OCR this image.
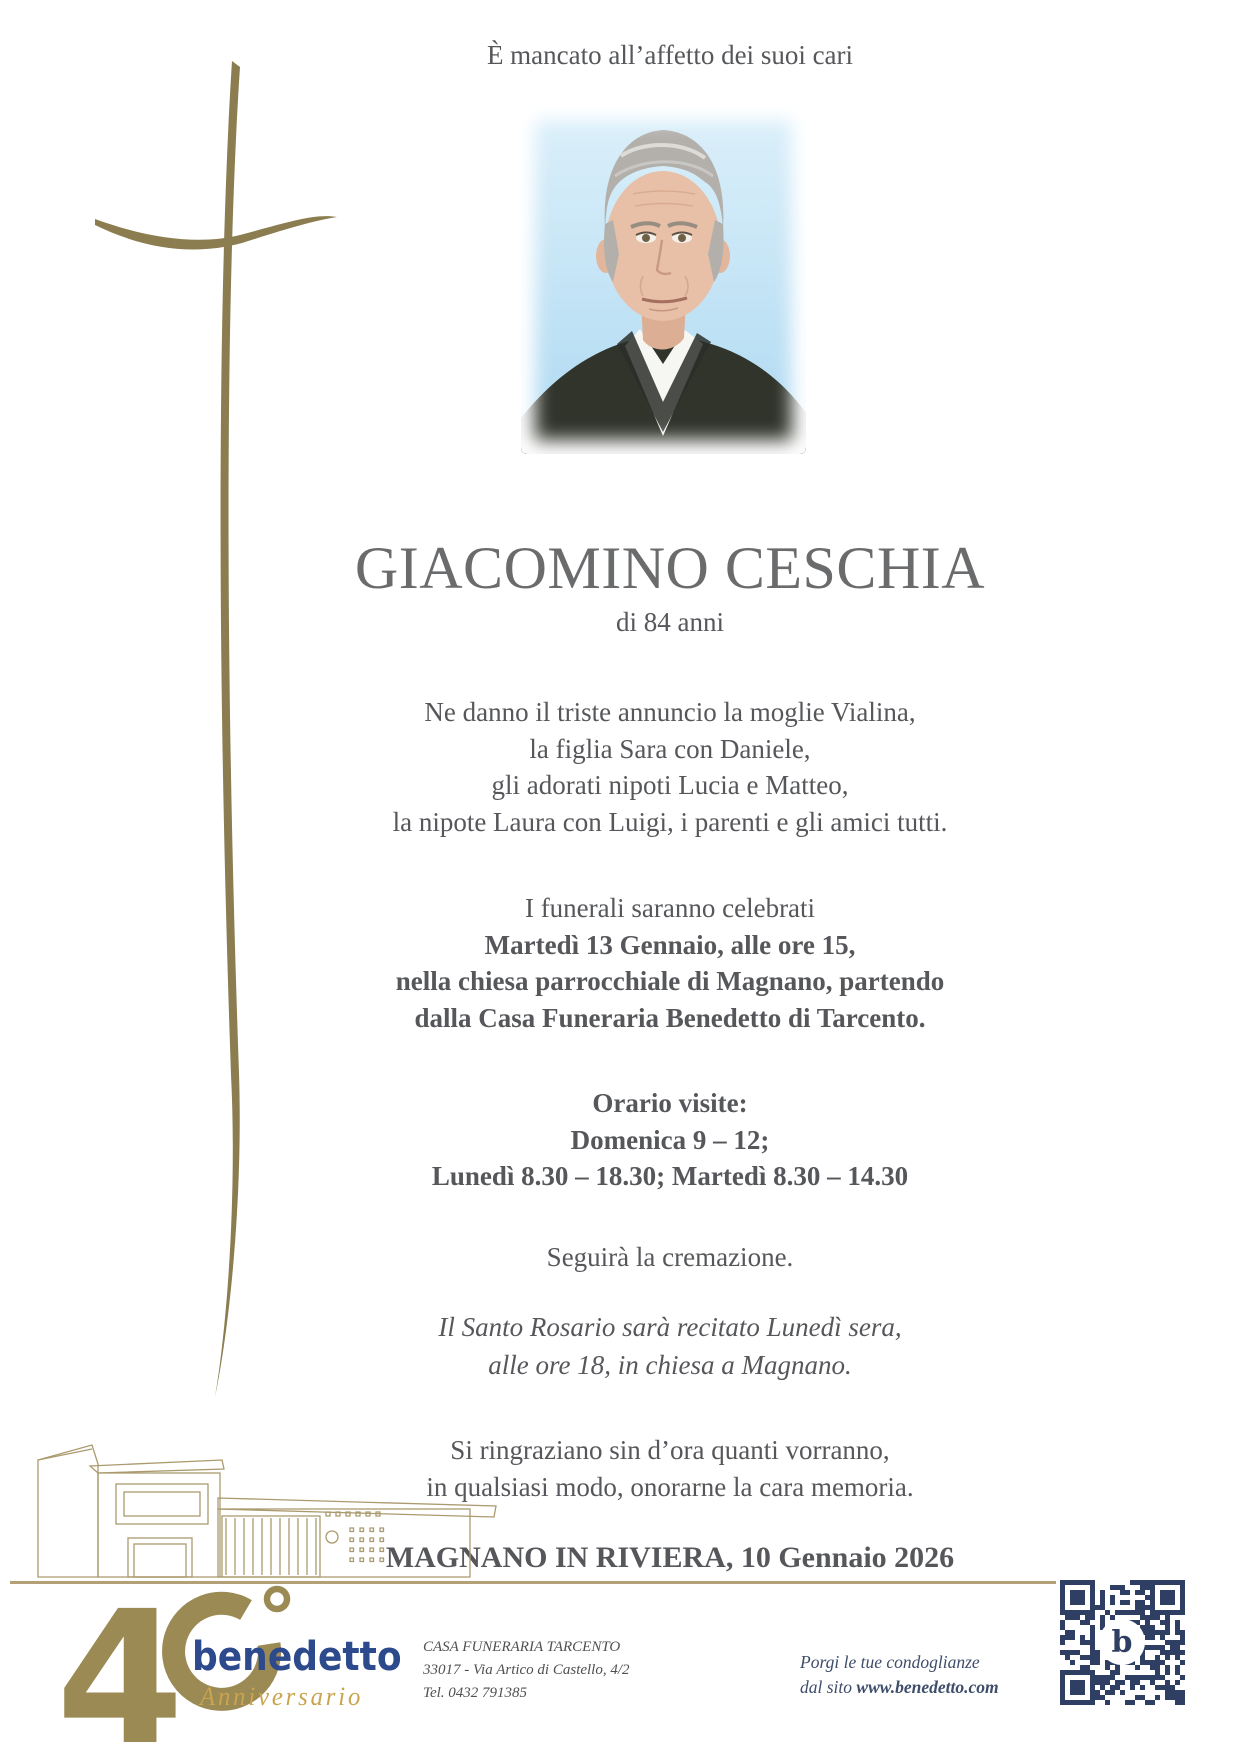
È mancato all’affetto dei suoi cari
GIACOMINO CESCHIA
di 84 anni
Ne danno il triste annuncio la moglie Vialina,
la figlia Sara con Daniele,
gli adorati nipoti Lucia e Matteo,
la nipote Laura con Luigi, i parenti e gli amici tutti.
I funerali saranno celebrati
Martedì 13 Gennaio, alle ore 15,
nella chiesa parrocchiale di Magnano, partendo
dalla Casa Funeraria Benedetto di Tarcento.
Orario visite:
Domenica 9 – 12;
Lunedì 8.30 – 18.30; Martedì 8.30 – 14.30
Seguirà la cremazione.
Il Santo Rosario sarà recitato Lunedì sera,
alle ore 18, in chiesa a Magnano.
Si ringraziano sin d’ora quanti vorranno,
in qualsiasi modo, onorarne la cara memoria.
MAGNANO IN RIVIERA, 10 Gennaio 2026
4 benedetto
Anniversario
CASA FUNERARIA TARCENTO
33017 - Via Artico di Castello, 4/2
Tel. 0432 791385
Porgi le tue condoglianze
dal sito www.benedetto.com
b
